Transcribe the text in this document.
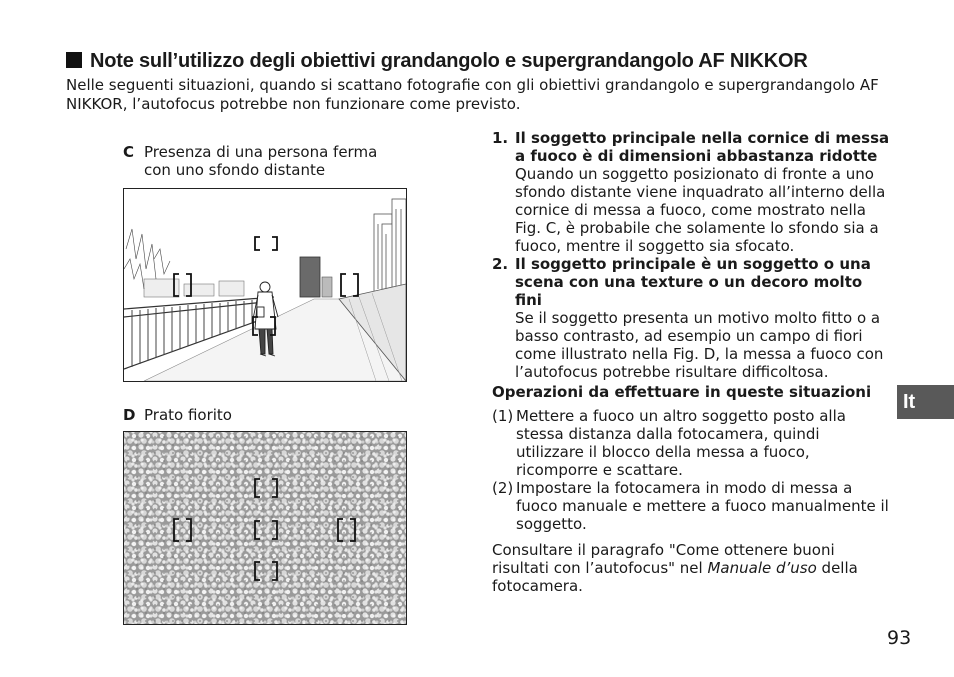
Note sull’utilizzo degli obiettivi grandangolo e supergrandangolo AF NIKKOR
Nelle seguenti situazioni, quando si scattano fotografie con gli obiettivi grandangolo e supergrandangolo AF NIKKOR, l’autofocus potrebbe non funzionare come previsto.
C Presenza di una persona ferma con uno sfondo distante
D Prato fiorito
1. Il soggetto principale nella cornice di messa a fuoco è di dimensioni abbastanza ridotte
Quando un soggetto posizionato di fronte a uno sfondo distante viene inquadrato all’interno della cornice di messa a fuoco, come mostrato nella Fig. C, è probabile che solamente lo sfondo sia a fuoco, mentre il soggetto sia sfocato.
2. Il soggetto principale è un soggetto o una scena con una texture o un decoro molto fini
Se il soggetto presenta un motivo molto fitto o a basso contrasto, ad esempio un campo di fiori come illustrato nella Fig. D, la messa a fuoco con l’autofocus potrebbe risultare difficoltosa.
Operazioni da effettuare in queste situazioni
(1) Mettere a fuoco un altro soggetto posto alla stessa distanza dalla fotocamera, quindi utilizzare il blocco della messa a fuoco, ricomporre e scattare.
(2) Impostare la fotocamera in modo di messa a fuoco manuale e mettere a fuoco manualmente il soggetto.
Consultare il paragrafo "Come ottenere buoni risultati con l’autofocus" nel Manuale d’uso della fotocamera.
It
93
